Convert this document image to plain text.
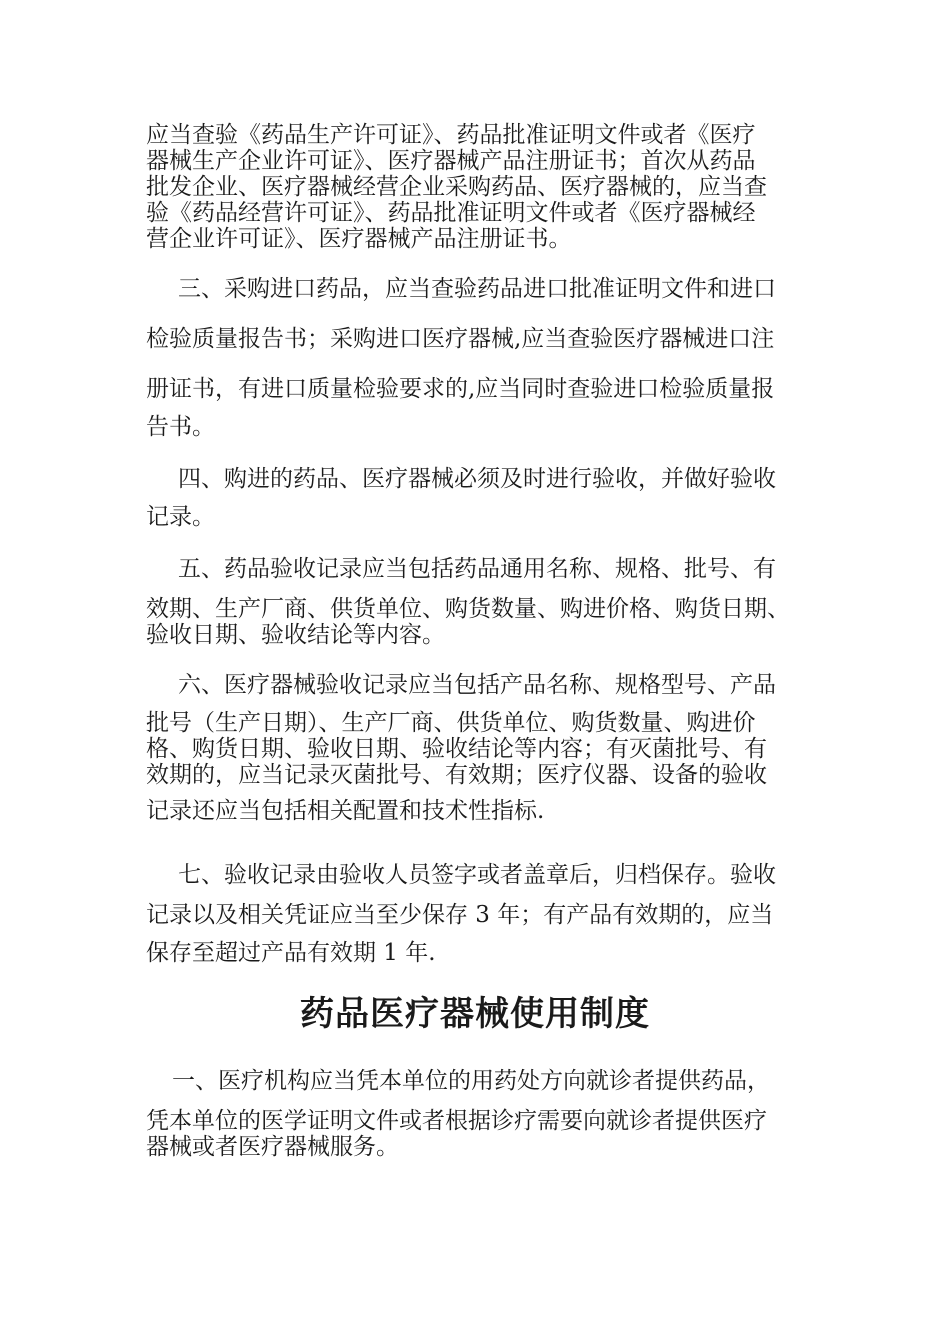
应当查验《药品生产许可证》、药品批准证明文件或者《医疗
器械生产企业许可证》、医疗器械产品注册证书；首次从药品
批发企业、医疗器械经营企业采购药品、医疗器械的，应当查
验《药品经营许可证》、药品批准证明文件或者《医疗器械经
营企业许可证》、医疗器械产品注册证书。
三、采购进口药品，应当查验药品进口批准证明文件和进口
检验质量报告书；采购进口医疗器械,应当查验医疗器械进口注
册证书，有进口质量检验要求的,应当同时查验进口检验质量报
告书。
四、购进的药品、医疗器械必须及时进行验收，并做好验收
记录。
五、药品验收记录应当包括药品通用名称、规格、批号、有
效期、生产厂商、供货单位、购货数量、购进价格、购货日期、
验收日期、验收结论等内容。
六、医疗器械验收记录应当包括产品名称、规格型号、产品
批号（生产日期）、生产厂商、供货单位、购货数量、购进价
格、购货日期、验收日期、验收结论等内容；有灭菌批号、有
效期的，应当记录灭菌批号、有效期；医疗仪器、设备的验收
记录还应当包括相关配置和技术性指标.
七、验收记录由验收人员签字或者盖章后，归档保存。验收
记录以及相关凭证应当至少保存 3 年；有产品有效期的，应当
保存至超过产品有效期 1 年.
药品医疗器械使用制度
一、医疗机构应当凭本单位的用药处方向就诊者提供药品，
凭本单位的医学证明文件或者根据诊疗需要向就诊者提供医疗
器械或者医疗器械服务。
